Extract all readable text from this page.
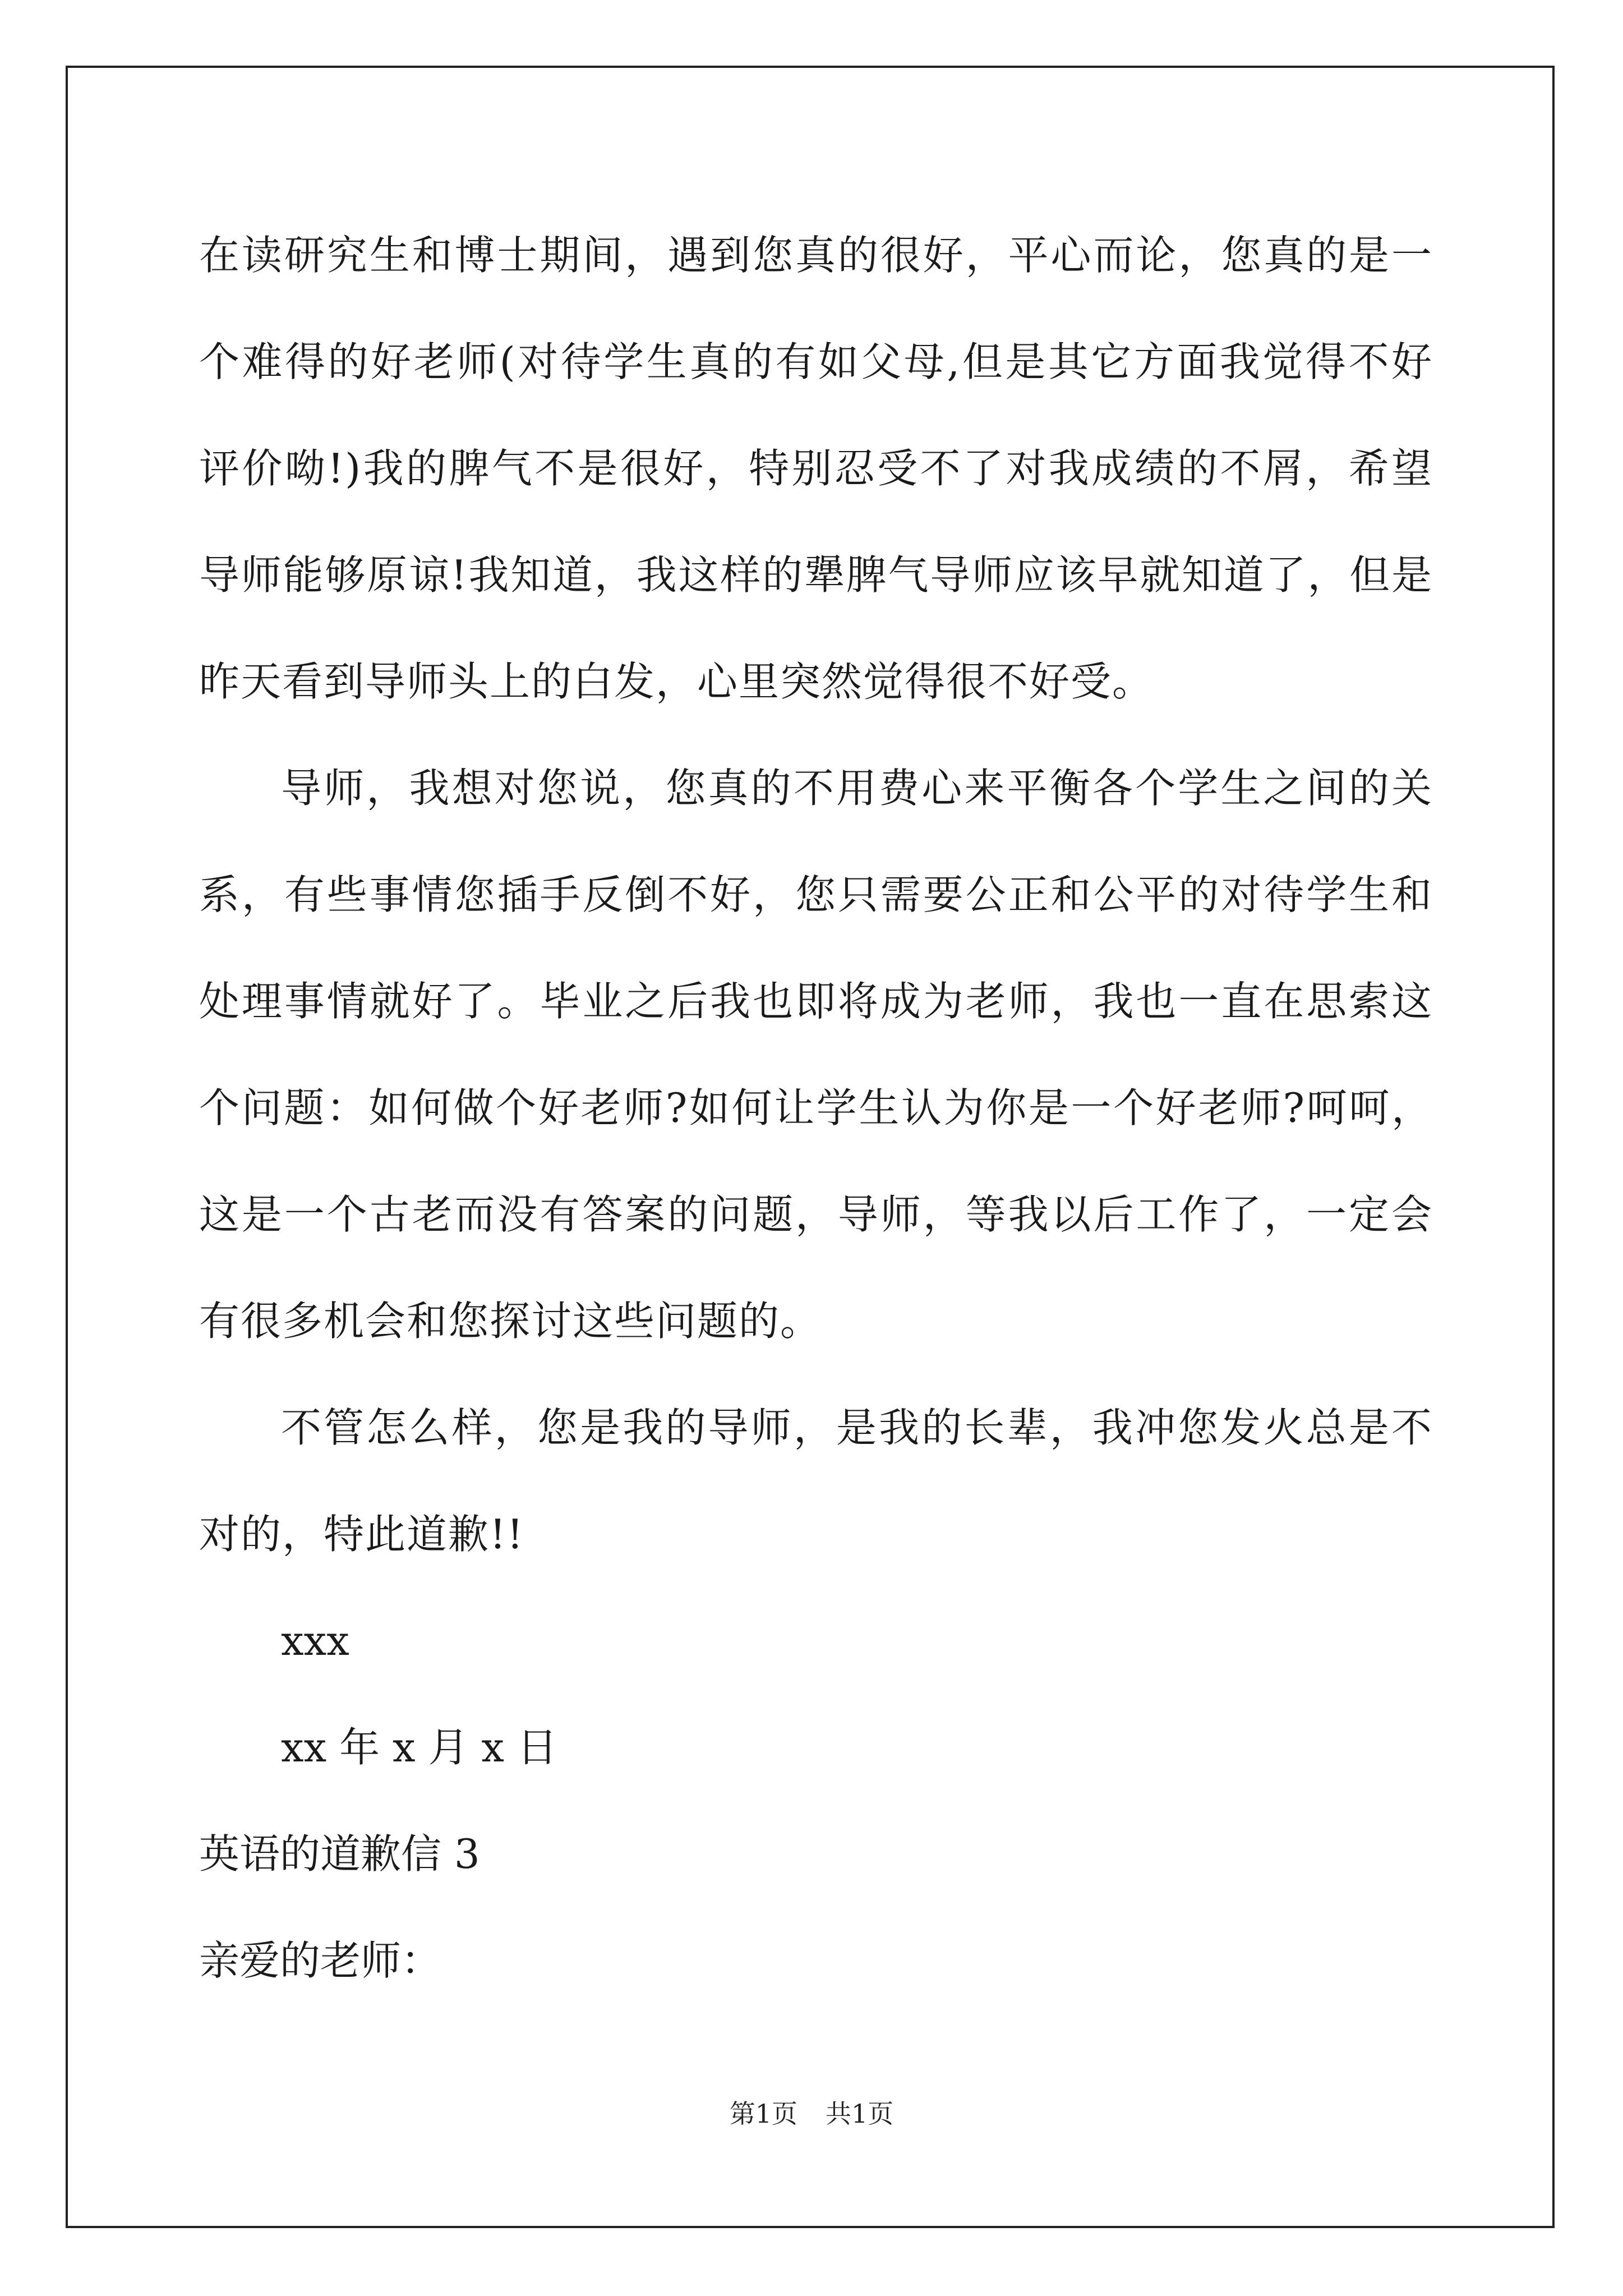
在读研究生和博士期间，遇到您真的很好，平心而论，您真的是一个难得的好老师(对待学生真的有如父母,但是其它方面我觉得不好评价呦!)我的脾气不是很好，特别忍受不了对我成绩的不屑，希望导师能够原谅!我知道，我这样的犟脾气导师应该早就知道了，但是昨天看到导师头上的白发，心里突然觉得很不好受。

导师，我想对您说，您真的不用费心来平衡各个学生之间的关系，有些事情您插手反倒不好，您只需要公正和公平的对待学生和处理事情就好了。毕业之后我也即将成为老师，我也一直在思索这个问题：如何做个好老师?如何让学生认为你是一个好老师?呵呵，这是一个古老而没有答案的问题，导师，等我以后工作了，一定会有很多机会和您探讨这些问题的。

不管怎么样，您是我的导师，是我的长辈，我冲您发火总是不对的，特此道歉!!

xxx

xx 年 x 月 x 日

英语的道歉信 3

亲爱的老师：

第1页 共1页
